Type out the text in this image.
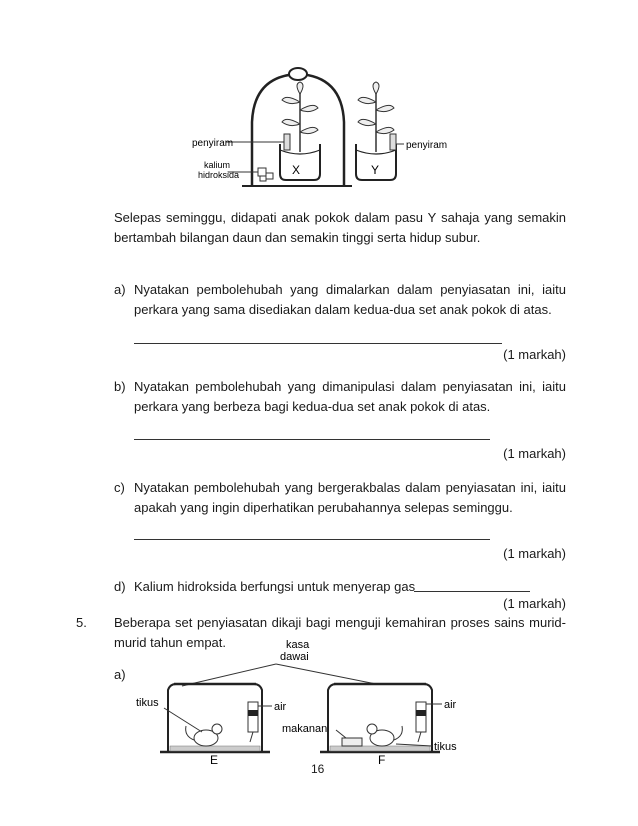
penyiram	penyiram
kalium
hidroksida	X	Y
Selepas seminggu, didapati anak pokok dalam pasu Y sahaja yang semakin
bertambah bilangan daun dan semakin tinggi serta hidup subur.
a) Nyatakan pembolehubah yang dimalarkan dalam penyiasatan ini, iaitu
perkara yang sama disediakan dalam kedua-dua set anak pokok di atas.
(1 markah)
b) Nyatakan pembolehubah yang dimanipulasi dalam penyiasatan ini, iaitu
perkara yang berbeza bagi kedua-dua set anak pokok di atas.
(1 markah)
c) Nyatakan pembolehubah yang bergerakbalas dalam penyiasatan ini, iaitu
apakah yang ingin diperhatikan perubahannya selepas seminggu.
(1 markah)
d) Kalium hidroksida berfungsi untuk menyerap gas
(1 markah)
5. Beberapa set penyiasatan dikaji bagi menguji kemahiran proses sains murid-
murid tahun empat.
a)
kasa
dawai
tikus	air	air
makanan
tikus
E	F
16
